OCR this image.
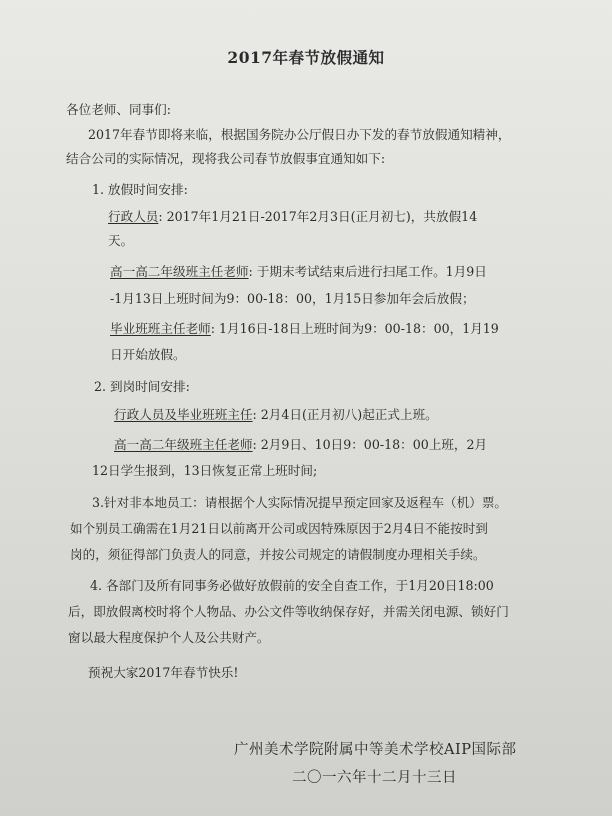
2017年春节放假通知
各位老师、同事们:
2017年春节即将来临，根据国务院办公厅假日办下发的春节放假通知精神，
结合公司的实际情况，现将我公司春节放假事宜通知如下:
1. 放假时间安排:
行政人员: 2017年1月21日-2017年2月3日(正月初七)，共放假14
天。
高一高二年级班主任老师: 于期末考试结束后进行扫尾工作。1月9日
-1月13日上班时间为9：00-18：00，1月15日参加年会后放假；
毕业班班主任老师: 1月16日-18日上班时间为9：00-18：00，1月19
日开始放假。
2. 到岗时间安排:
行政人员及毕业班班主任: 2月4日(正月初八)起正式上班。
高一高二年级班主任老师: 2月9日、10日9：00-18：00上班，2月
12日学生报到，13日恢复正常上班时间;
3.针对非本地员工：请根据个人实际情况提早预定回家及返程车（机）票。
如个别员工确需在1月21日以前离开公司或因特殊原因于2月4日不能按时到
岗的，须征得部门负责人的同意，并按公司规定的请假制度办理相关手续。
4. 各部门及所有同事务必做好放假前的安全自查工作，于1月20日18:00
后，即放假离校时将个人物品、办公文件等收纳保存好，并需关闭电源、锁好门
窗以最大程度保护个人及公共财产。
预祝大家2017年春节快乐!
广州美术学院附属中等美术学校AIP国际部
二〇一六年十二月十三日
